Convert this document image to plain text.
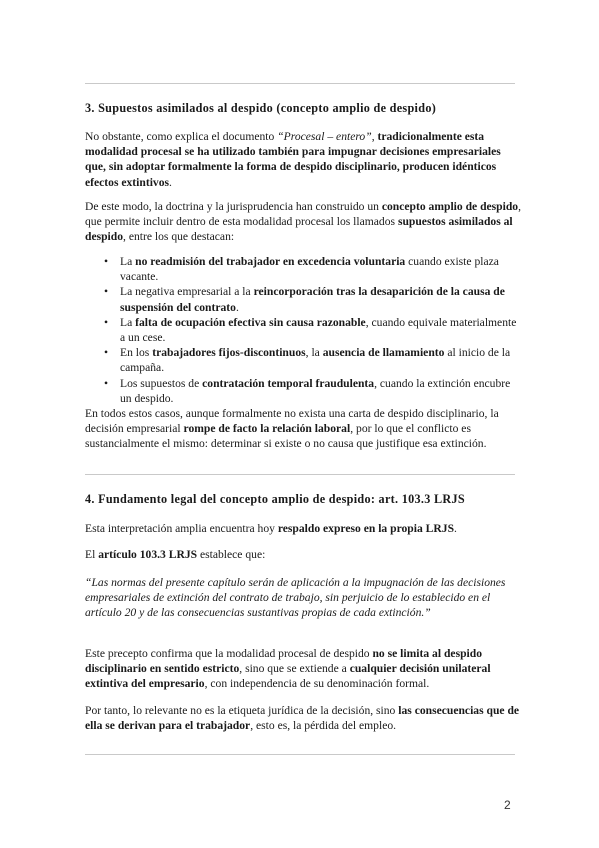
3. Supuestos asimilados al despido (concepto amplio de despido)

No obstante, como explica el documento “Procesal – entero”, tradicionalmente esta modalidad procesal se ha utilizado también para impugnar decisiones empresariales que, sin adoptar formalmente la forma de despido disciplinario, producen idénticos efectos extintivos.

De este modo, la doctrina y la jurisprudencia han construido un concepto amplio de despido, que permite incluir dentro de esta modalidad procesal los llamados supuestos asimilados al despido, entre los que destacan:

• La no readmisión del trabajador en excedencia voluntaria cuando existe plaza vacante.
• La negativa empresarial a la reincorporación tras la desaparición de la causa de suspensión del contrato.
• La falta de ocupación efectiva sin causa razonable, cuando equivale materialmente a un cese.
• En los trabajadores fijos-discontinuos, la ausencia de llamamiento al inicio de la campaña.
• Los supuestos de contratación temporal fraudulenta, cuando la extinción encubre un despido.

En todos estos casos, aunque formalmente no exista una carta de despido disciplinario, la decisión empresarial rompe de facto la relación laboral, por lo que el conflicto es sustancialmente el mismo: determinar si existe o no causa que justifique esa extinción.

4. Fundamento legal del concepto amplio de despido: art. 103.3 LRJS

Esta interpretación amplia encuentra hoy respaldo expreso en la propia LRJS.

El artículo 103.3 LRJS establece que:

“Las normas del presente capítulo serán de aplicación a la impugnación de las decisiones empresariales de extinción del contrato de trabajo, sin perjuicio de lo establecido en el artículo 20 y de las consecuencias sustantivas propias de cada extinción.”

Este precepto confirma que la modalidad procesal de despido no se limita al despido disciplinario en sentido estricto, sino que se extiende a cualquier decisión unilateral extintiva del empresario, con independencia de su denominación formal.

Por tanto, lo relevante no es la etiqueta jurídica de la decisión, sino las consecuencias que de ella se derivan para el trabajador, esto es, la pérdida del empleo.

2
